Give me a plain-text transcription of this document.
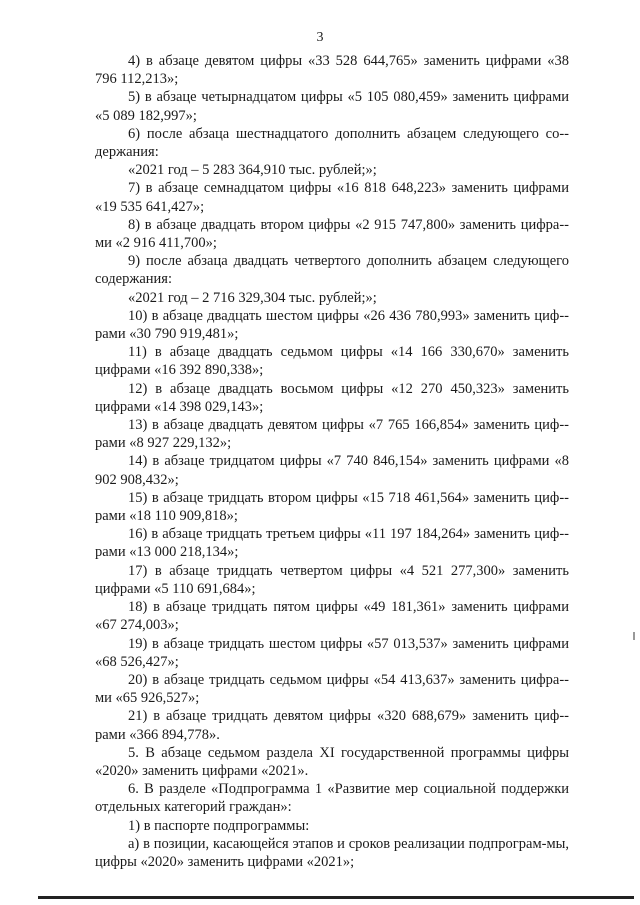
3

4) в абзаце девятом цифры «33 528 644,765» заменить цифрами «38 796 112,213»;

5) в абзаце четырнадцатом цифры «5 105 080,459» заменить цифрами «5 089 182,997»;

6) после абзаца шестнадцатого дополнить абзацем следующего со-держания:

«2021 год – 5 283 364,910 тыс. рублей;»;

7) в абзаце семнадцатом цифры «16 818 648,223» заменить цифрами «19 535 641,427»;

8) в абзаце двадцать втором цифры «2 915 747,800» заменить цифра-ми «2 916 411,700»;

9) после абзаца двадцать четвертого дополнить абзацем следующего содержания:

«2021 год – 2 716 329,304 тыс. рублей;»;

10) в абзаце двадцать шестом цифры «26 436 780,993» заменить циф-рами «30 790 919,481»;

11) в абзаце двадцать седьмом цифры «14 166 330,670» заменить цифрами «16 392 890,338»;

12) в абзаце двадцать восьмом цифры «12 270 450,323» заменить цифрами «14 398 029,143»;

13) в абзаце двадцать девятом цифры «7 765 166,854» заменить циф-рами «8 927 229,132»;

14) в абзаце тридцатом цифры «7 740 846,154» заменить цифрами «8 902 908,432»;

15) в абзаце тридцать втором цифры «15 718 461,564» заменить циф-рами «18 110 909,818»;

16) в абзаце тридцать третьем цифры «11 197 184,264» заменить циф-рами «13 000 218,134»;

17) в абзаце тридцать четвертом цифры «4 521 277,300» заменить цифрами «5 110 691,684»;

18) в абзаце тридцать пятом цифры «49 181,361» заменить цифрами «67 274,003»;

19) в абзаце тридцать шестом цифры «57 013,537» заменить цифрами «68 526,427»;

20) в абзаце тридцать седьмом цифры «54 413,637» заменить цифра-ми «65 926,527»;

21) в абзаце тридцать девятом цифры «320 688,679» заменить циф-рами «366 894,778».

5. В абзаце седьмом раздела XI государственной программы цифры «2020» заменить цифрами «2021».

6. В разделе «Подпрограмма 1 «Развитие мер социальной поддержки отдельных категорий граждан»:

1) в паспорте подпрограммы:

а) в позиции, касающейся этапов и сроков реализации подпрограм-мы, цифры «2020» заменить цифрами «2021»;
